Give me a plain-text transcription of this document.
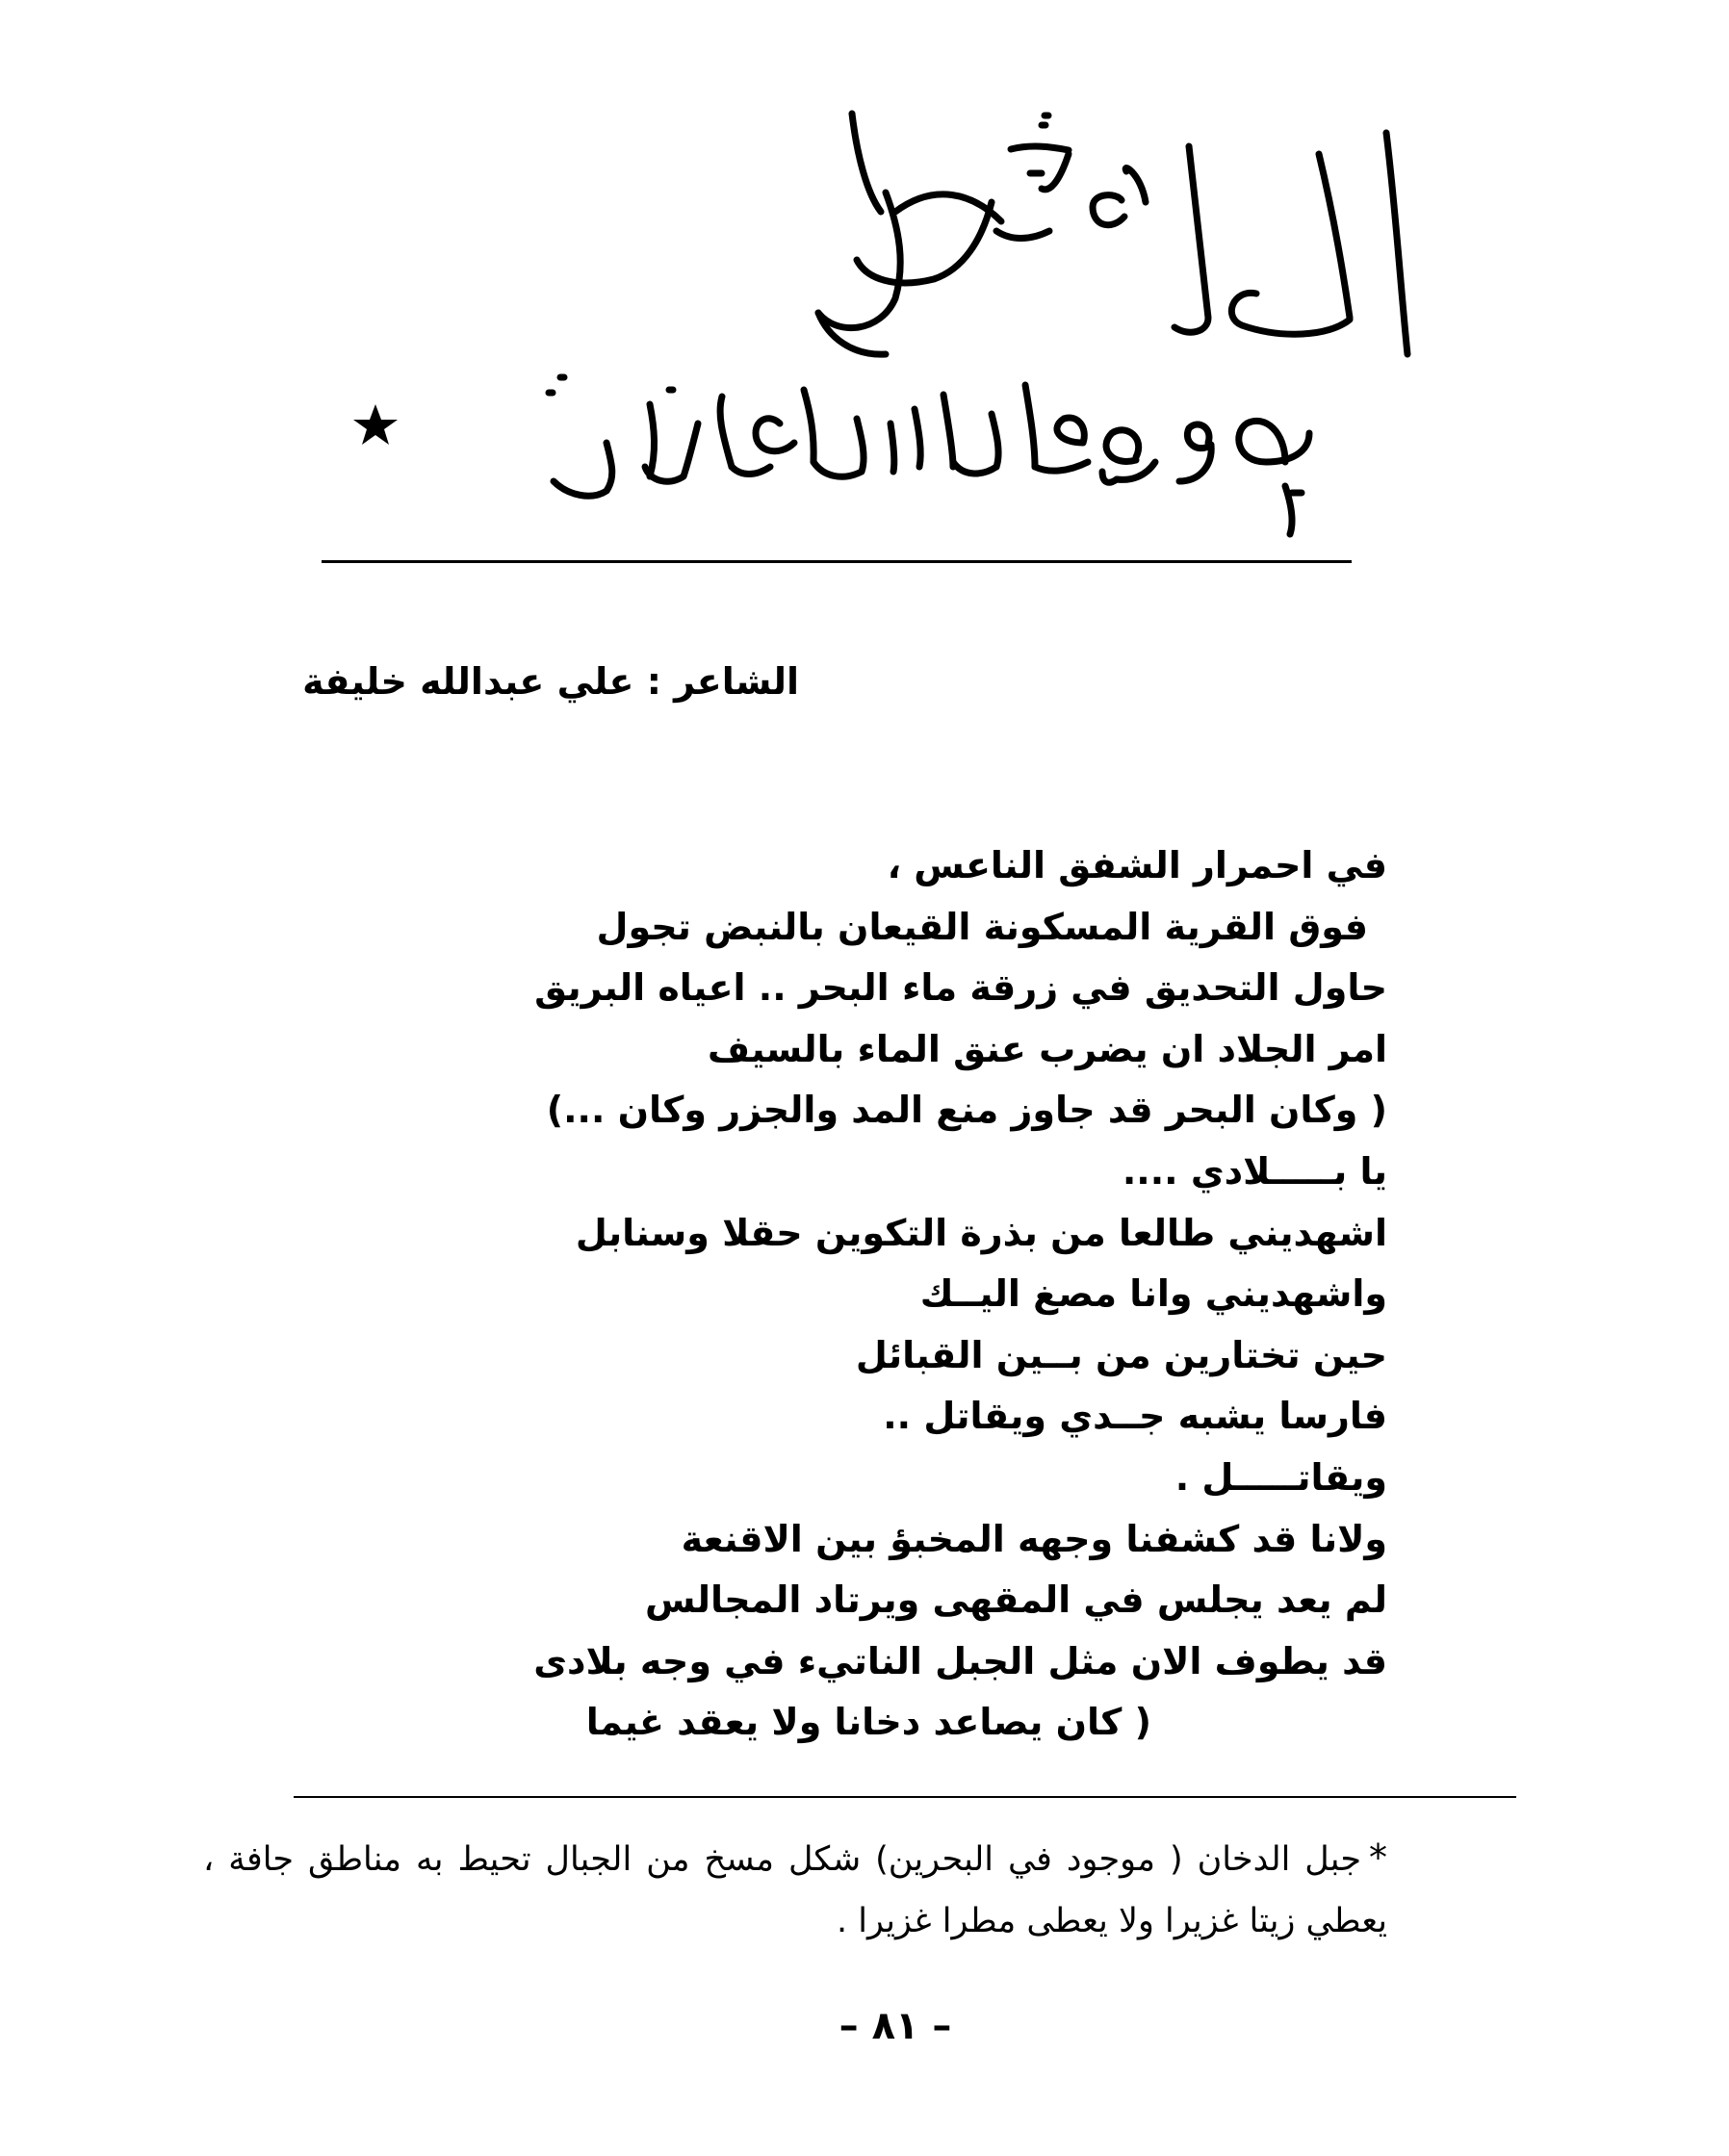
الشاعر : علي عبدالله خليفة
في احمرار الشفق الناعس ،
فوق القرية المسكونة القيعان بالنبض تجول
حاول التحديق في زرقة ماء البحر .. اعياه البريق
امر الجلاد ان يضرب عنق الماء بالسيف
( وكان البحر قد جاوز منع المد والجزر وكان ...)
يا بـــــلادي ....
اشهديني طالعا من بذرة التكوين حقلا وسنابل
واشهديني وانا مصغ اليــك
حين تختارين من بــين القبائل
فارسا يشبه جــدي ويقاتل ..
ويقاتـــــل .
ولانا قد كشفنا وجهه المخبؤ بين الاقنعة
لم يعد يجلس في المقهى ويرتاد المجالس
قد يطوف الان مثل الجبل الناتيء في وجه بلادى
( كان يصاعد دخانا ولا يعقد غيما
*جبل الدخان ( موجود في البحرين) شكل مسخ من الجبال تحيط به مناطق جافة ، يعطي زيتا غزيرا ولا يعطى مطرا غزيرا .
– ٨١ –
